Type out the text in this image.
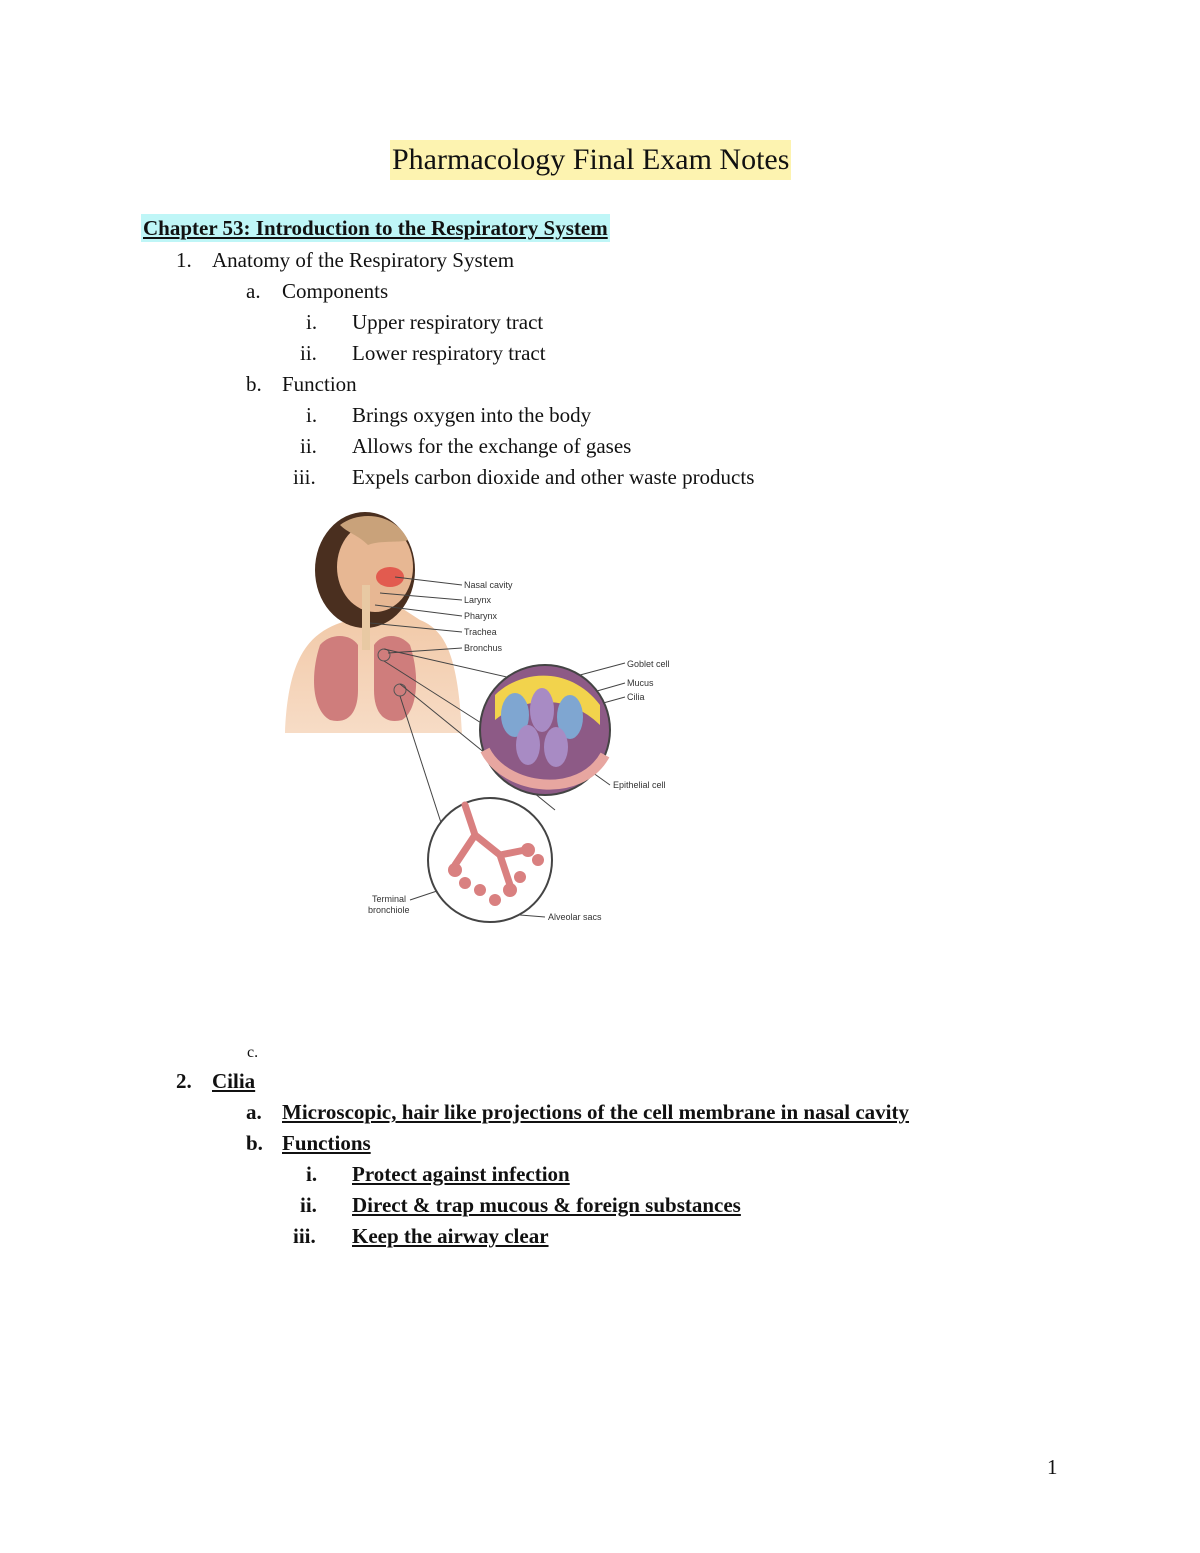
Pharmacology Final Exam Notes
Chapter 53: Introduction to the Respiratory System
1. Anatomy of the Respiratory System
a. Components
i. Upper respiratory tract
ii. Lower respiratory tract
b. Function
i. Brings oxygen into the body
ii. Allows for the exchange of gases
iii. Expels carbon dioxide and other waste products
Nasal cavity
Larynx
Pharynx
Trachea
Bronchus
Goblet cell
Mucus
Cilia
Epithelial cell
Terminal
bronchiole
Alveolar sacs
c.
2. Cilia
a. Microscopic, hair like projections of the cell membrane in nasal cavity
b. Functions
i. Protect against infection
ii. Direct & trap mucous & foreign substances
iii. Keep the airway clear
1
